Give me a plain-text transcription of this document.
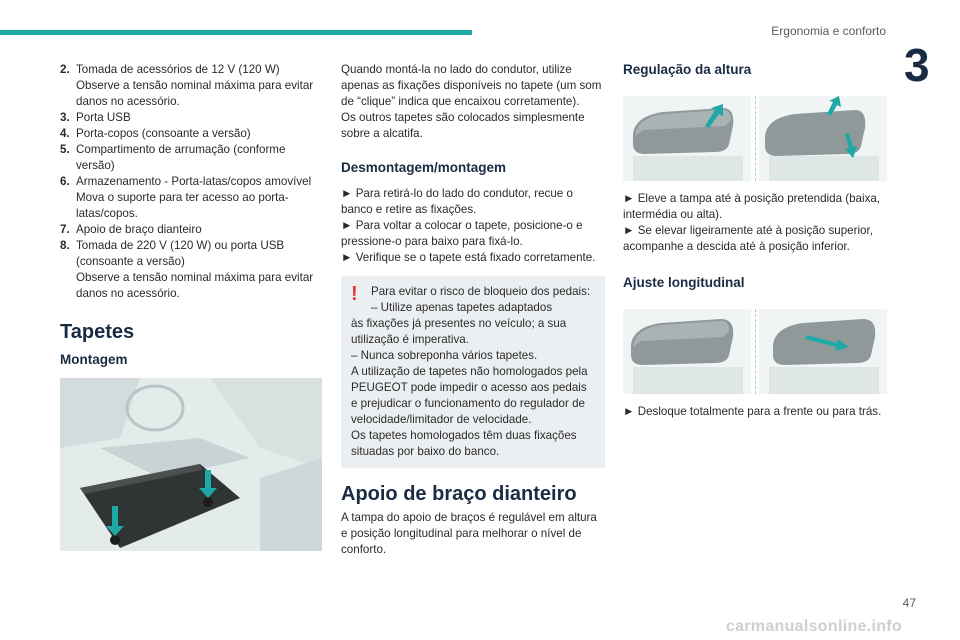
Ergonomia e conforto
3
2. Tomada de acessórios de 12 V (120 W)
Observe a tensão nominal máxima para evitar danos no acessório.
3. Porta USB
4. Porta-copos (consoante a versão)
5. Compartimento de arrumação (conforme versão)
6. Armazenamento - Porta-latas/copos amovível
Mova o suporte para ter acesso ao porta-latas/copos.
7. Apoio de braço dianteiro
8. Tomada de 220 V (120 W) ou porta USB (consoante a versão)
Observe a tensão nominal máxima para evitar danos no acessório.
Tapetes
Montagem

Quando montá-la no lado do condutor, utilize apenas as fixações disponíveis no tapete (um som de “clique” indica que encaixou corretamente).

Os outros tapetes são colocados simplesmente sobre a alcatifa.

Desmontagem/montagem

► Para retirá-lo do lado do condutor, recue o banco e retire as fixações.

► Para voltar a colocar o tapete, posicione-o e pressione-o para baixo para fixá-lo.

► Verifique se o tapete está fixado corretamente.

!	Para evitar o risco de bloqueio dos pedais:

– Utilize apenas tapetes adaptados

às fixações já presentes no veículo; a sua utilização é imperativa.

– Nunca sobreponha vários tapetes.

A utilização de tapetes não homologados pela PEUGEOT pode impedir o acesso aos pedais e prejudicar o funcionamento do regulador de velocidade/limitador de velocidade.

Os tapetes homologados têm duas fixações situadas por baixo do banco.

Apoio de braço dianteiro

A tampa do apoio de braços é regulável em altura e posição longitudinal para melhorar o nível de conforto.

Regulação da altura

► Eleve a tampa até à posição pretendida (baixa, intermédia ou alta).

► Se elevar ligeiramente até à posição superior, acompanhe a descida até à posição inferior.

Ajuste longitudinal

► Desloque totalmente para a frente ou para trás.

47
carmanualsonline.info
